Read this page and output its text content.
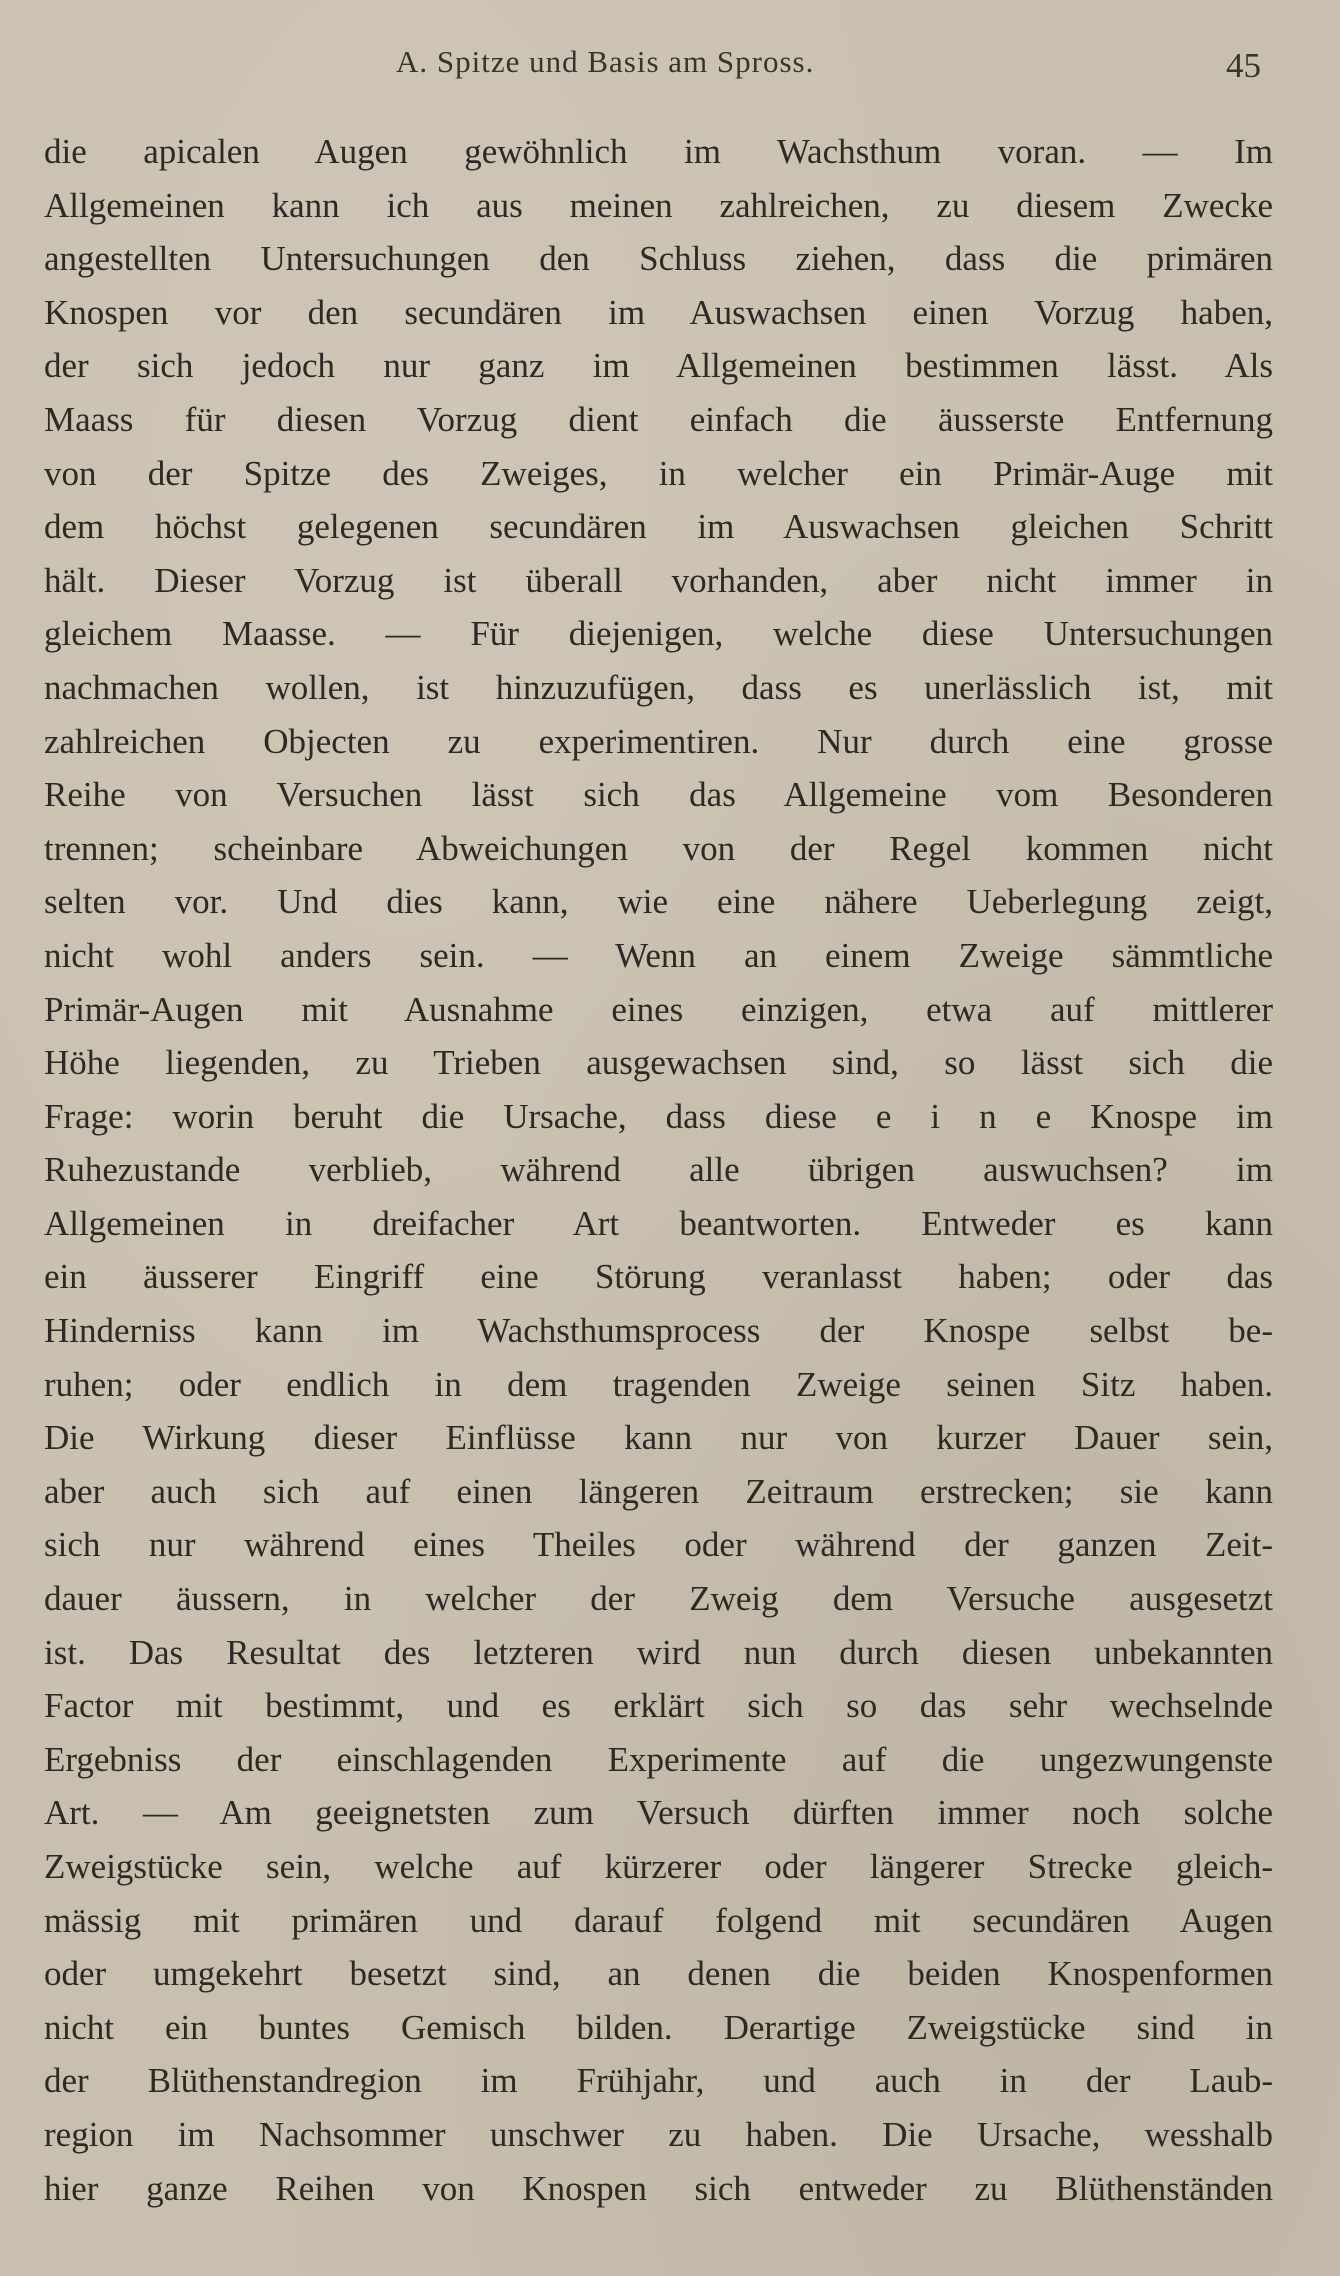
A. Spitze und Basis am Spross.	45
die apicalen Augen gewöhnlich im Wachsthum voran. — Im
Allgemeinen kann ich aus meinen zahlreichen, zu diesem Zwecke
angestellten Untersuchungen den Schluss ziehen, dass die primären
Knospen vor den secundären im Auswachsen einen Vorzug haben,
der sich jedoch nur ganz im Allgemeinen bestimmen lässt. Als
Maass für diesen Vorzug dient einfach die äusserste Entfernung
von der Spitze des Zweiges, in welcher ein Primär-Auge mit
dem höchst gelegenen secundären im Auswachsen gleichen Schritt
hält. Dieser Vorzug ist überall vorhanden, aber nicht immer in
gleichem Maasse. — Für diejenigen, welche diese Untersuchungen
nachmachen wollen, ist hinzuzufügen, dass es unerlässlich ist, mit
zahlreichen Objecten zu experimentiren. Nur durch eine grosse
Reihe von Versuchen lässt sich das Allgemeine vom Besonderen
trennen; scheinbare Abweichungen von der Regel kommen nicht
selten vor. Und dies kann, wie eine nähere Ueberlegung zeigt,
nicht wohl anders sein. — Wenn an einem Zweige sämmtliche
Primär-Augen mit Ausnahme eines einzigen, etwa auf mittlerer
Höhe liegenden, zu Trieben ausgewachsen sind, so lässt sich die
Frage: worin beruht die Ursache, dass diese e i n e Knospe im
Ruhezustande verblieb, während alle übrigen auswuchsen? im
Allgemeinen in dreifacher Art beantworten. Entweder es kann
ein äusserer Eingriff eine Störung veranlasst haben; oder das
Hinderniss kann im Wachsthumsprocess der Knospe selbst be-
ruhen; oder endlich in dem tragenden Zweige seinen Sitz haben.
Die Wirkung dieser Einflüsse kann nur von kurzer Dauer sein,
aber auch sich auf einen längeren Zeitraum erstrecken; sie kann
sich nur während eines Theiles oder während der ganzen Zeit-
dauer äussern, in welcher der Zweig dem Versuche ausgesetzt
ist. Das Resultat des letzteren wird nun durch diesen unbekannten
Factor mit bestimmt, und es erklärt sich so das sehr wechselnde
Ergebniss der einschlagenden Experimente auf die ungezwungenste
Art. — Am geeignetsten zum Versuch dürften immer noch solche
Zweigstücke sein, welche auf kürzerer oder längerer Strecke gleich-
mässig mit primären und darauf folgend mit secundären Augen
oder umgekehrt besetzt sind, an denen die beiden Knospenformen
nicht ein buntes Gemisch bilden. Derartige Zweigstücke sind in
der Blüthenstandregion im Frühjahr, und auch in der Laub-
region im Nachsommer unschwer zu haben. Die Ursache, wesshalb
hier ganze Reihen von Knospen sich entweder zu Blüthenständen
